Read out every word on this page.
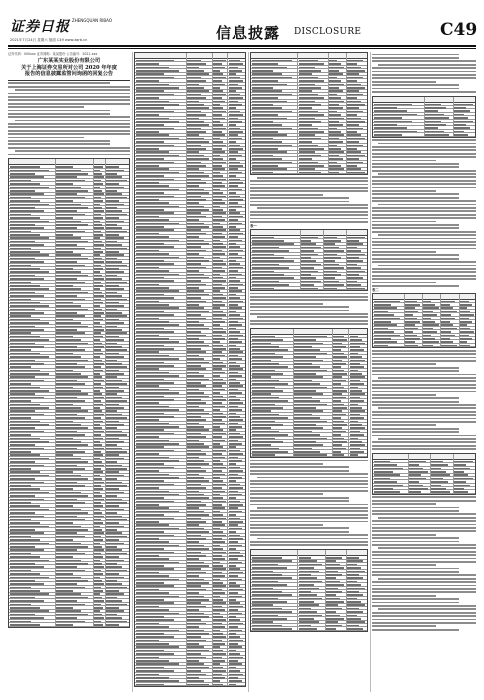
证券日报 ZHENGQUAN RIBAO
2021年7月24日 星期六 版面 C49 www.zqrb.cn	信息披露 DISCLOSURE	C49
证券代码：000xxx 证券简称：某某股份 公告编号：2021-xxx
广东某某实业股份有限公司
关于上海证券交易所对公司 2020 年年度
报告的信息披露监管问询函的回复公告
表一
表二
